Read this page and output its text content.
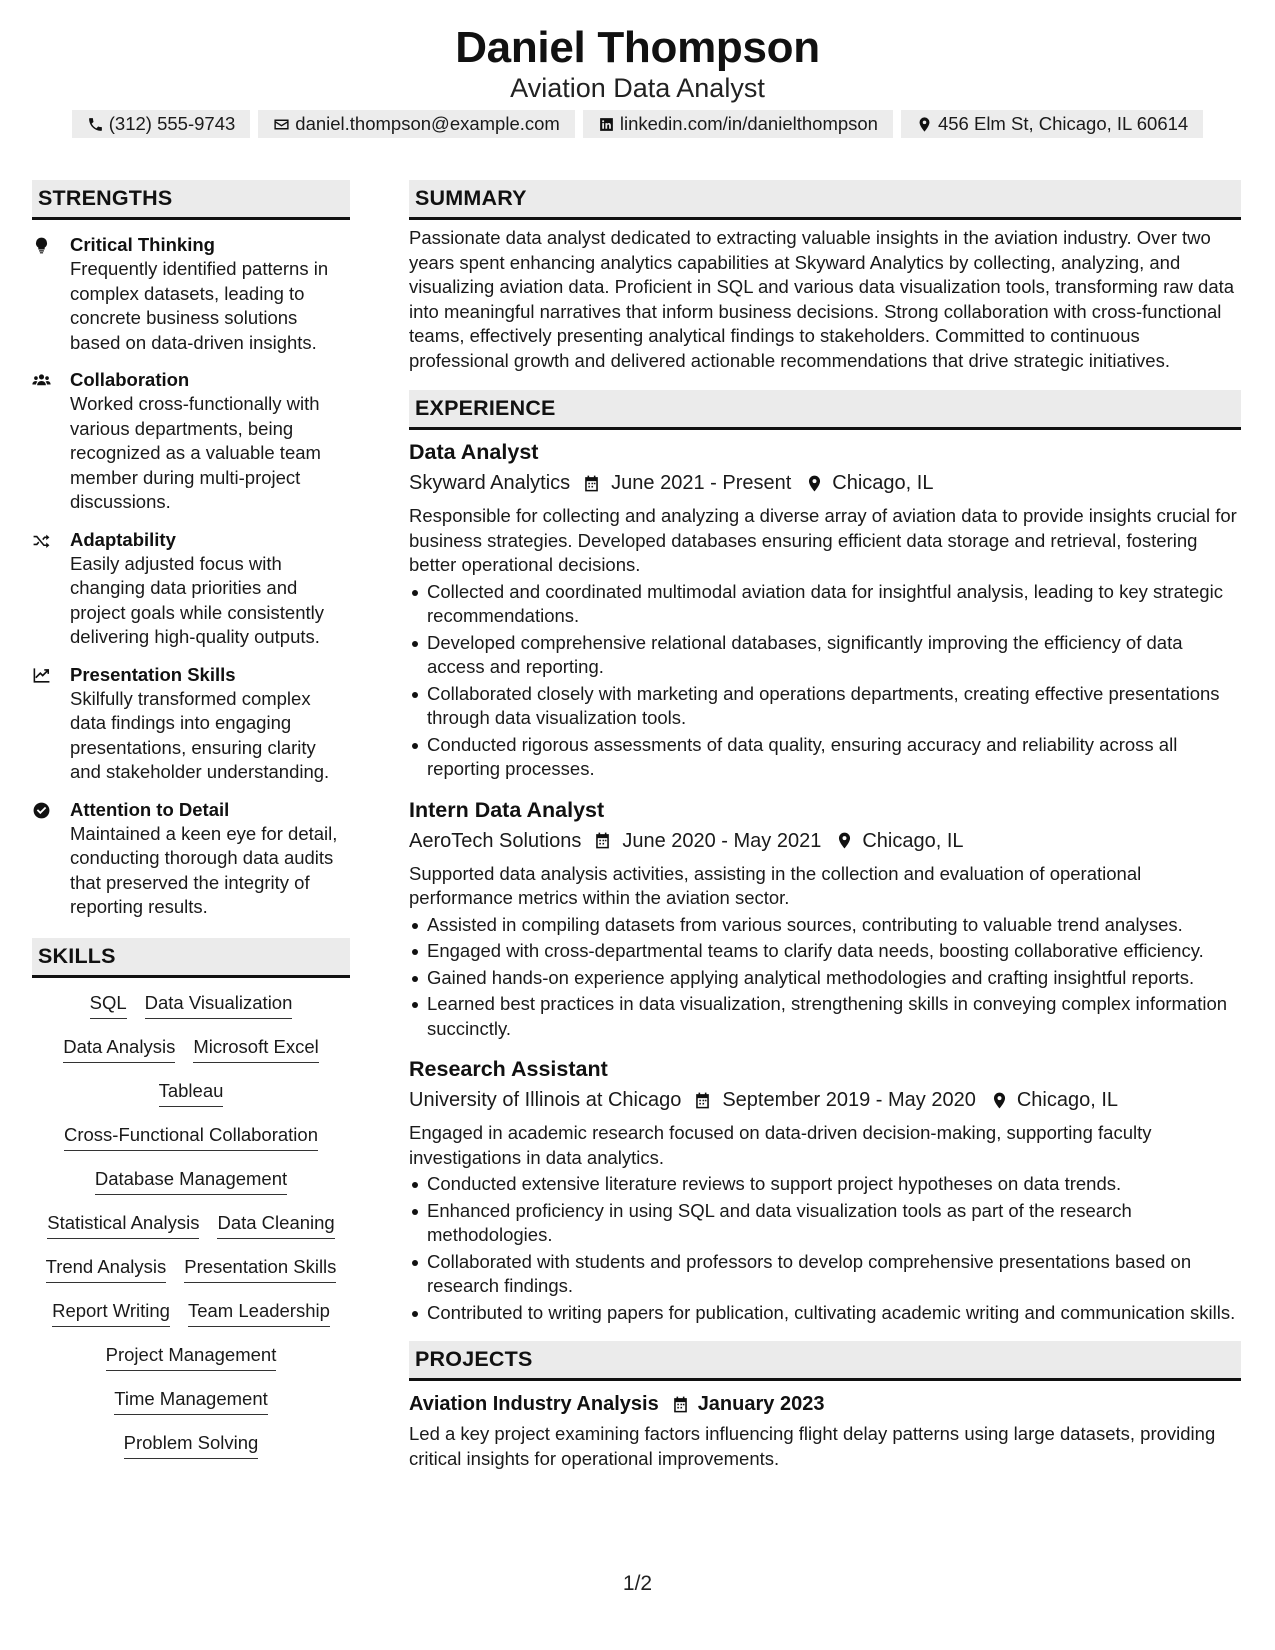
Daniel Thompson
Aviation Data Analyst
(312) 555-9743	daniel.thompson@example.com	linkedin.com/in/danielthompson	456 Elm St, Chicago, IL 60614
STRENGTHS
Critical Thinking
Frequently identified patterns in complex datasets, leading to concrete business solutions based on data-driven insights.
Collaboration
Worked cross-functionally with various departments, being recognized as a valuable team member during multi-project discussions.
Adaptability
Easily adjusted focus with changing data priorities and project goals while consistently delivering high-quality outputs.
Presentation Skills
Skilfully transformed complex data findings into engaging presentations, ensuring clarity and stakeholder understanding.
Attention to Detail
Maintained a keen eye for detail, conducting thorough data audits that preserved the integrity of reporting results.
SKILLS
SQL Data Visualization
Data Analysis Microsoft Excel
Tableau
Cross-Functional Collaboration
Database Management
Statistical Analysis Data Cleaning
Trend Analysis Presentation Skills
Report Writing Team Leadership
Project Management
Time Management
Problem Solving
SUMMARY
Passionate data analyst dedicated to extracting valuable insights in the aviation industry. Over two years spent enhancing analytics capabilities at Skyward Analytics by collecting, analyzing, and visualizing aviation data. Proficient in SQL and various data visualization tools, transforming raw data into meaningful narratives that inform business decisions. Strong collaboration with cross-functional teams, effectively presenting analytical findings to stakeholders. Committed to continuous professional growth and delivered actionable recommendations that drive strategic initiatives.
EXPERIENCE
Data Analyst
Skyward Analytics June 2021 - Present Chicago, IL
Responsible for collecting and analyzing a diverse array of aviation data to provide insights crucial for business strategies. Developed databases ensuring efficient data storage and retrieval, fostering better operational decisions.
Collected and coordinated multimodal aviation data for insightful analysis, leading to key strategic recommendations.
Developed comprehensive relational databases, significantly improving the efficiency of data access and reporting.
Collaborated closely with marketing and operations departments, creating effective presentations through data visualization tools.
Conducted rigorous assessments of data quality, ensuring accuracy and reliability across all reporting processes.
Intern Data Analyst
AeroTech Solutions June 2020 - May 2021 Chicago, IL
Supported data analysis activities, assisting in the collection and evaluation of operational performance metrics within the aviation sector.
Assisted in compiling datasets from various sources, contributing to valuable trend analyses.
Engaged with cross-departmental teams to clarify data needs, boosting collaborative efficiency.
Gained hands-on experience applying analytical methodologies and crafting insightful reports.
Learned best practices in data visualization, strengthening skills in conveying complex information succinctly.
Research Assistant
University of Illinois at Chicago September 2019 - May 2020 Chicago, IL
Engaged in academic research focused on data-driven decision-making, supporting faculty investigations in data analytics.
Conducted extensive literature reviews to support project hypotheses on data trends.
Enhanced proficiency in using SQL and data visualization tools as part of the research methodologies.
Collaborated with students and professors to develop comprehensive presentations based on research findings.
Contributed to writing papers for publication, cultivating academic writing and communication skills.
PROJECTS
Aviation Industry Analysis January 2023
Led a key project examining factors influencing flight delay patterns using large datasets, providing critical insights for operational improvements.
1/2
